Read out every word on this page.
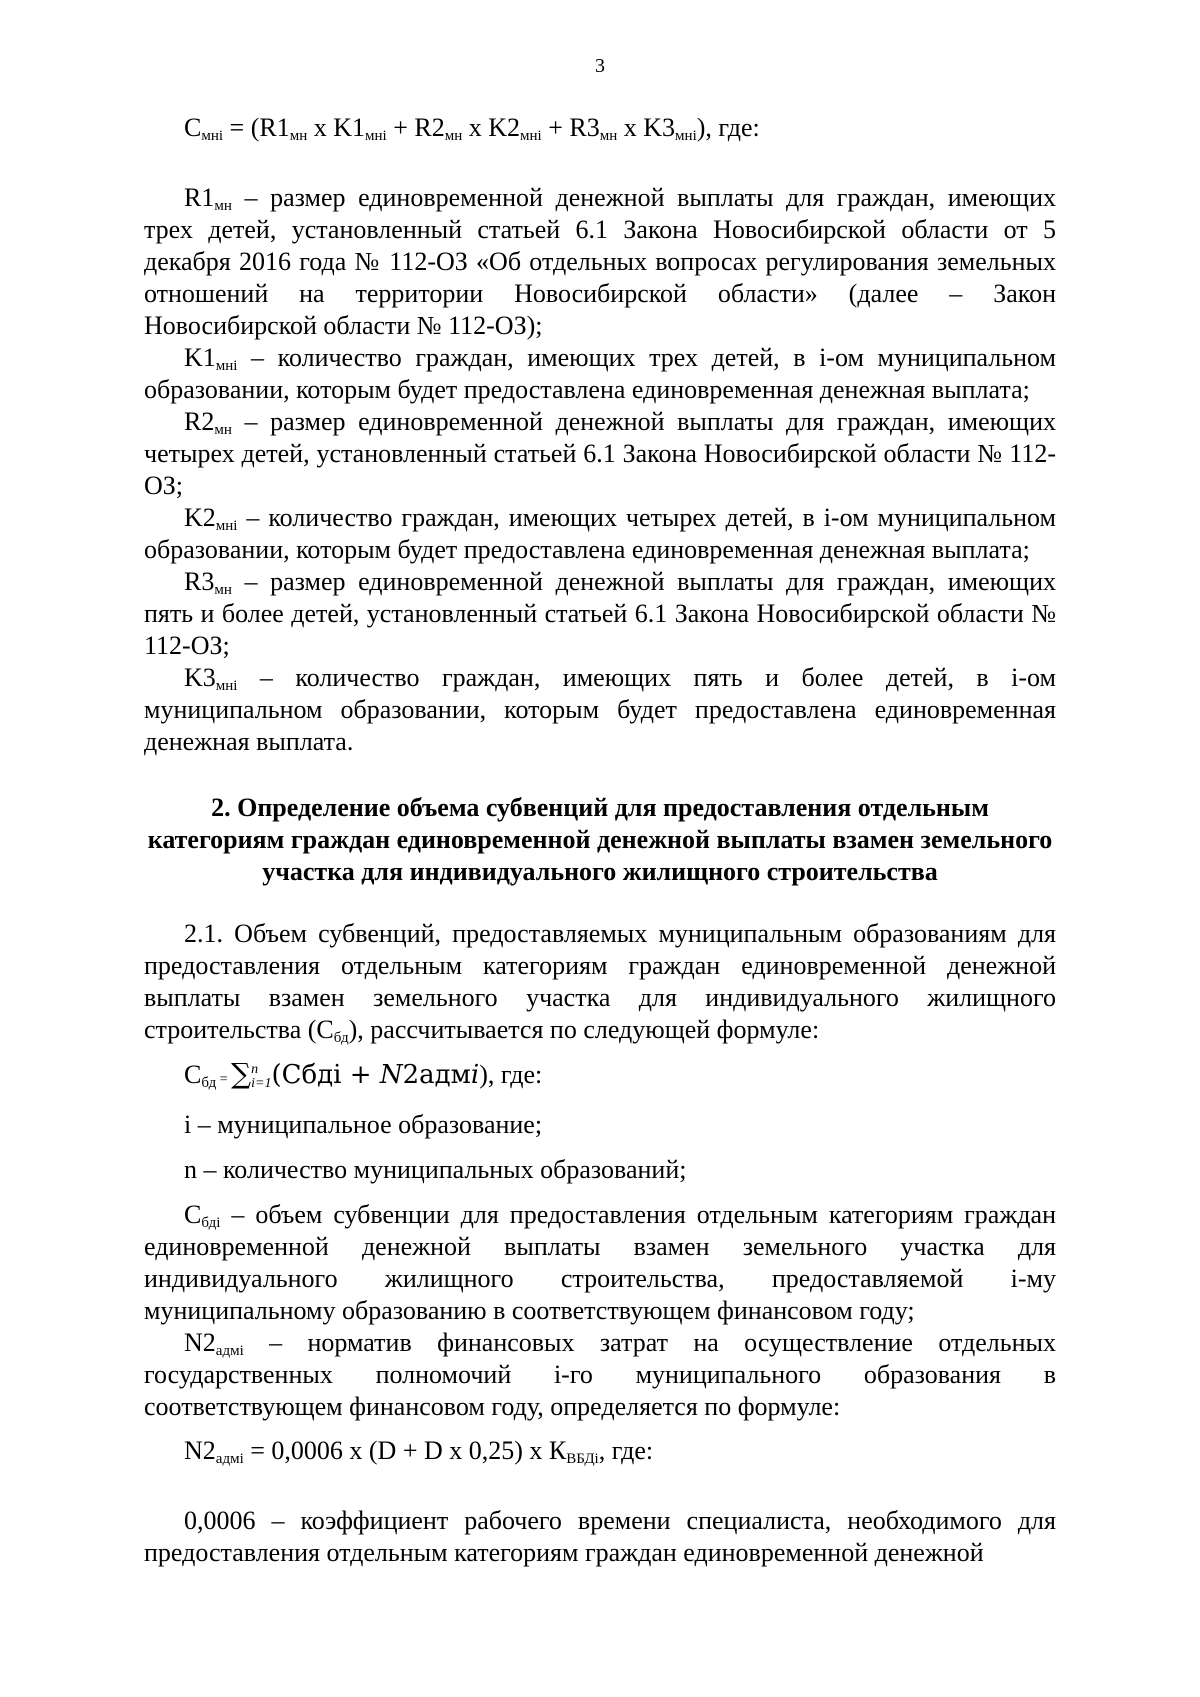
3

$С_{мнi} = (R1_{мн}$ х $K1_{мнi} + R2_{мн}$ х $K2_{мнi} + R3_{мн}$ х $K3_{мнi}$), где:

$R1_{мн}$ – размер единовременной денежной выплаты для граждан, имеющих трех детей, установленный статьей 6.1 Закона Новосибирской области от 5 декабря 2016 года № 112-ОЗ «Об отдельных вопросах регулирования земельных отношений на территории Новосибирской области» (далее – Закон Новосибирской области № 112-ОЗ);

$K1_{мнi}$ – количество граждан, имеющих трех детей, в i-ом муниципальном образовании, которым будет предоставлена единовременная денежная выплата;

$R2_{мн}$ – размер единовременной денежной выплаты для граждан, имеющих четырех детей, установленный статьей 6.1 Закона Новосибирской области № 112-ОЗ;

$K2_{мнi}$ – количество граждан, имеющих четырех детей, в i-ом муниципальном образовании, которым будет предоставлена единовременная денежная выплата;

$R3_{мн}$ – размер единовременной денежной выплаты для граждан, имеющих пять и более детей, установленный статьей 6.1 Закона Новосибирской области № 112-ОЗ;

$K3_{мнi}$ – количество граждан, имеющих пять и более детей, в i-ом муниципальном образовании, которым будет предоставлена единовременная денежная выплата.

2. Определение объема субвенций для предоставления отдельным категориям граждан единовременной денежной выплаты взамен земельного участка для индивидуального жилищного строительства

2.1. Объем субвенций, предоставляемых муниципальным образованиям для предоставления отдельным категориям граждан единовременной денежной выплаты взамен земельного участка для индивидуального жилищного строительства $(С_{бд})$, рассчитывается по следующей формуле:

$С_{бд} = \sum n$
i=1(Сбдi + N2адмi), где:

i – муниципальное образование;

n – количество муниципальных образований;

$С_{бдi}$ – объем субвенции для предоставления отдельным категориям граждан единовременной денежной выплаты взамен земельного участка для индивидуального жилищного строительства, предоставляемой i-му муниципальному образованию в соответствующем финансовом году;

$N2_{адмi}$ – норматив финансовых затрат на осуществление отдельных государственных полномочий i-го муниципального образования в соответствующем финансовом году, определяется по формуле:

$N2_{адмi} = 0,0006$ х (D + D х 0,25) х $К_{ВБДi}$, где:

0,0006 – коэффициент рабочего времени специалиста, необходимого для предоставления отдельным категориям граждан единовременной денежной
